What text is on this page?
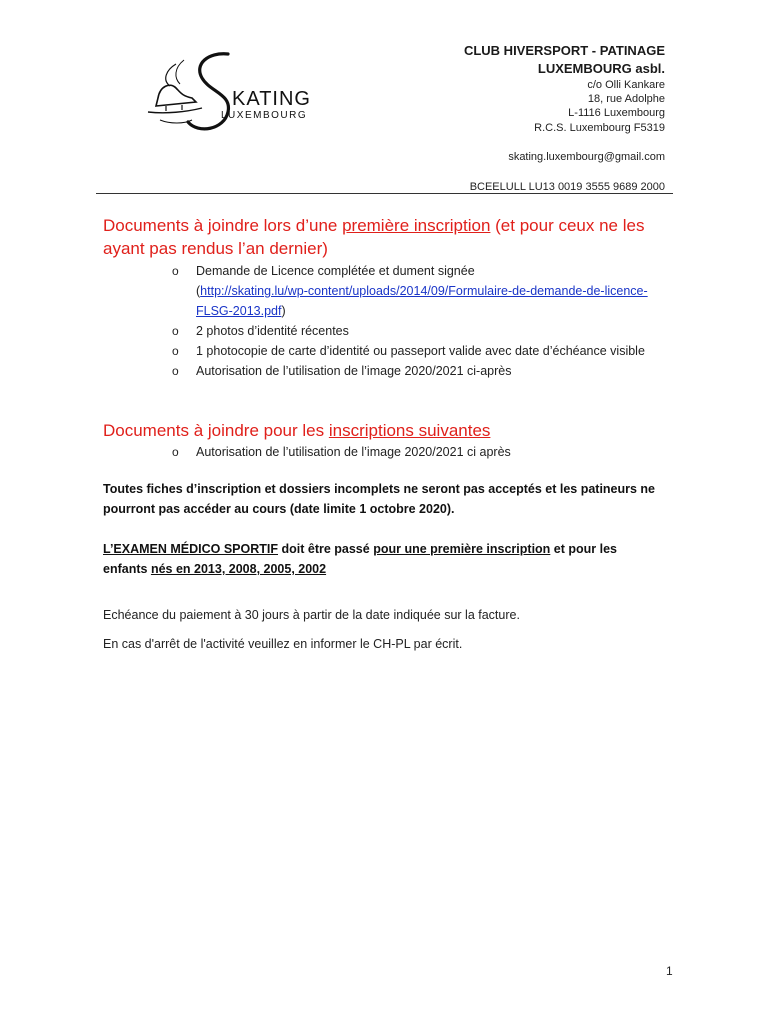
KATING
LUXEMBOURG
CLUB HIVERSPORT - PATINAGE
LUXEMBOURG asbl.
c/o Olli Kankare
18, rue Adolphe
L-1116 Luxembourg
R.C.S. Luxembourg F5319
skating.luxembourg@gmail.com
BCEELULL LU13 0019 3555 9689 2000
Documents à joindre lors d’une première inscription (et pour ceux ne les ayant pas rendus l’an dernier)
o Demande de Licence complétée et dument signée
(http://skating.lu/wp-content/uploads/2014/09/Formulaire-de-demande-de-licence-FLSG-2013.pdf)
o 2 photos d’identité récentes
o 1 photocopie de carte d’identité ou passeport valide avec date d’échéance visible
o Autorisation de l’utilisation de l’image 2020/2021 ci-après
Documents à joindre pour les inscriptions suivantes
o Autorisation de l’utilisation de l’image 2020/2021 ci après
Toutes fiches d’inscription et dossiers incomplets ne seront pas acceptés et les patineurs ne pourront pas accéder au cours (date limite 1 octobre 2020).
L’EXAMEN MÉDICO SPORTIF doit être passé pour une première inscription et pour les enfants nés en 2013, 2008, 2005, 2002
Echéance du paiement à 30 jours à partir de la date indiquée sur la facture.
En cas d'arrêt de l'activité veuillez en informer le CH-PL par écrit.
1
